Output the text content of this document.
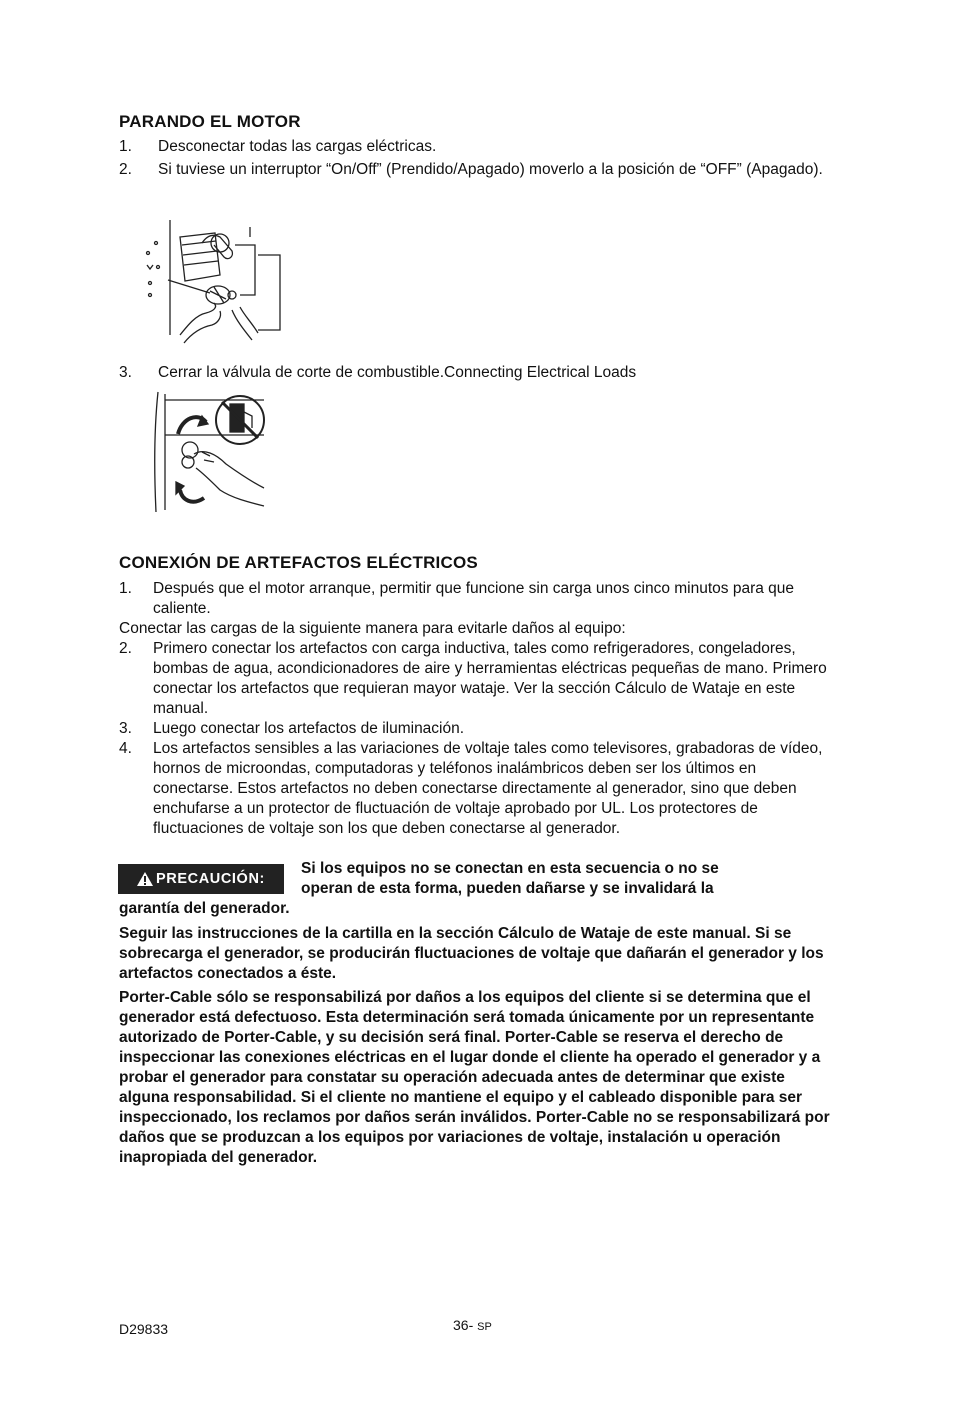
PARANDO EL MOTOR
1. Desconectar todas las cargas eléctricas.
2. Si tuviese un interruptor “On/Off” (Prendido/Apagado) moverlo a la posición de “OFF” (Apagado).
3. Cerrar la válvula de corte de combustible.Connecting Electrical Loads
CONEXIÓN DE ARTEFACTOS ELÉCTRICOS
1. Después que el motor arranque, permitir que funcione sin carga unos cinco minutos para que caliente.
Conectar las cargas de la siguiente manera para evitarle daños al equipo:
2. Primero conectar los artefactos con carga inductiva, tales como refrigeradores, congeladores, bombas de agua, acondicionadores de aire y herramientas eléctricas pequeñas de mano. Primero conectar los artefactos que requieran mayor wataje. Ver la sección Cálculo de Wataje en este manual.
3. Luego conectar los artefactos de iluminación.
4. Los artefactos sensibles a las variaciones de voltaje tales como televisores, grabadoras de vídeo, hornos de microondas, computadoras y teléfonos inalámbricos deben ser los últimos en conectarse. Estos artefactos no deben conectarse directamente al generador, sino que deben enchufarse a un protector de fluctuación de voltaje aprobado por UL. Los protectores de fluctuaciones de voltaje son los que deben conectarse al generador.
PRECAUCIÓN:
Si los equipos no se conectan en esta secuencia o no se
operan de esta forma, pueden dañarse y se invalidará la
garantía del generador.
Seguir las instrucciones de la cartilla en la sección Cálculo de Wataje de este manual. Si se sobrecarga el generador, se producirán fluctuaciones de voltaje que dañarán el generador y los artefactos conectados a éste.
Porter-Cable sólo se responsabilizá por daños a los equipos del cliente si se determina que el generador está defectuoso. Esta determinación será tomada únicamente por un representante autorizado de Porter-Cable, y su decisión será final. Porter-Cable se reserva el derecho de inspeccionar las conexiones eléctricas en el lugar donde el cliente ha operado el generador y a probar el generador para constatar su operación adecuada antes de determinar que existe alguna responsabilidad. Si el cliente no mantiene el equipo y el cableado disponible para ser inspeccionado, los reclamos por daños serán inválidos. Porter-Cable no se responsabilizará por daños que se produzcan a los equipos por variaciones de voltaje, instalación u operación inapropiada del generador.
D29833	36- SP
